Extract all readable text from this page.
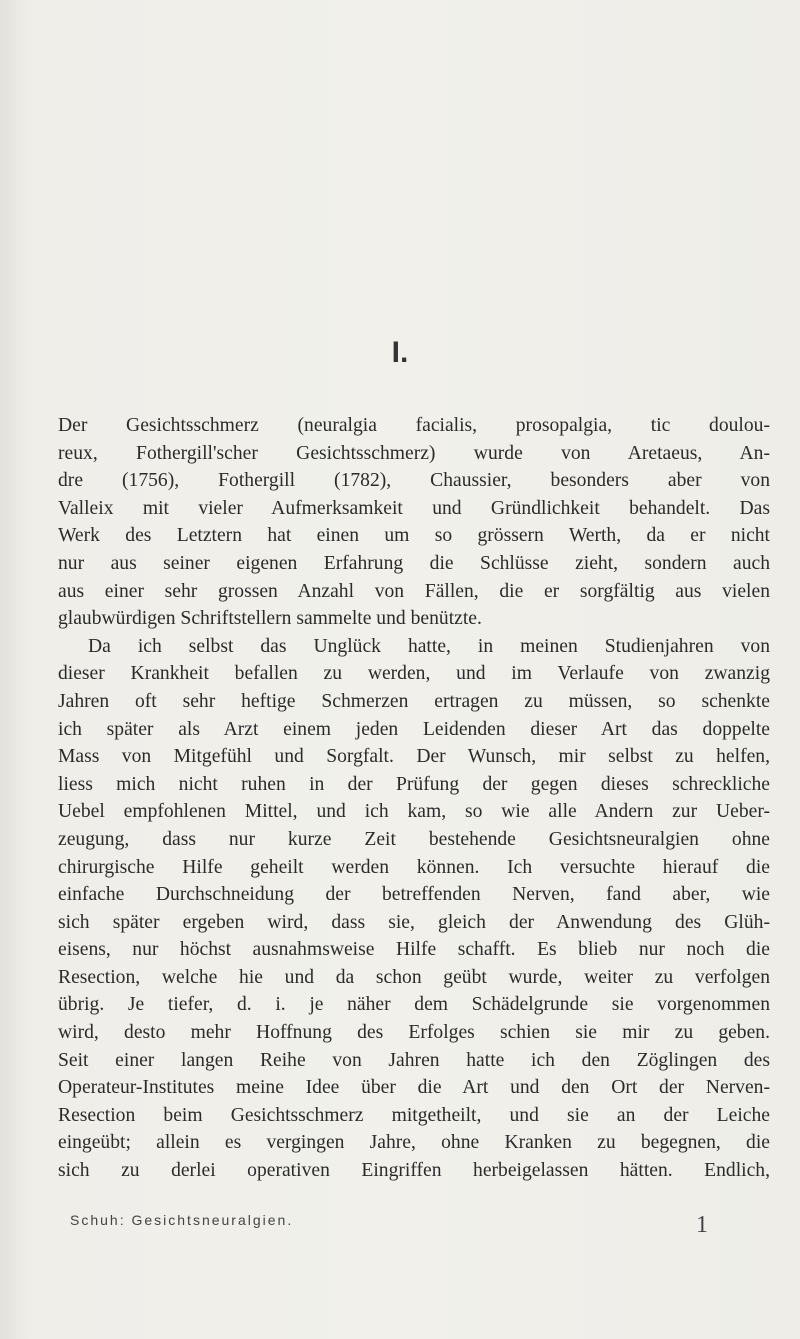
I.
Der Gesichtsschmerz (neuralgia facialis, prosopalgia, tic doulou-
reux, Fothergill'scher Gesichtsschmerz) wurde von Aretaeus, An-
dre (1756), Fothergill (1782), Chaussier, besonders aber von
Valleix mit vieler Aufmerksamkeit und Gründlichkeit behandelt. Das
Werk des Letztern hat einen um so grössern Werth, da er nicht
nur aus seiner eigenen Erfahrung die Schlüsse zieht, sondern auch
aus einer sehr grossen Anzahl von Fällen, die er sorgfältig aus vielen
glaubwürdigen Schriftstellern sammelte und benützte.
Da ich selbst das Unglück hatte, in meinen Studienjahren von
dieser Krankheit befallen zu werden, und im Verlaufe von zwanzig
Jahren oft sehr heftige Schmerzen ertragen zu müssen, so schenkte
ich später als Arzt einem jeden Leidenden dieser Art das doppelte
Mass von Mitgefühl und Sorgfalt. Der Wunsch, mir selbst zu helfen,
liess mich nicht ruhen in der Prüfung der gegen dieses schreckliche
Uebel empfohlenen Mittel, und ich kam, so wie alle Andern zur Ueber-
zeugung, dass nur kurze Zeit bestehende Gesichtsneuralgien ohne
chirurgische Hilfe geheilt werden können. Ich versuchte hierauf die
einfache Durchschneidung der betreffenden Nerven, fand aber, wie
sich später ergeben wird, dass sie, gleich der Anwendung des Glüh-
eisens, nur höchst ausnahmsweise Hilfe schafft. Es blieb nur noch die
Resection, welche hie und da schon geübt wurde, weiter zu verfolgen
übrig. Je tiefer, d. i. je näher dem Schädelgrunde sie vorgenommen
wird, desto mehr Hoffnung des Erfolges schien sie mir zu geben.
Seit einer langen Reihe von Jahren hatte ich den Zöglingen des
Operateur-Institutes meine Idee über die Art und den Ort der Nerven-
Resection beim Gesichtsschmerz mitgetheilt, und sie an der Leiche
eingeübt; allein es vergingen Jahre, ohne Kranken zu begegnen, die
sich zu derlei operativen Eingriffen herbeigelassen hätten. Endlich,
Schuh: Gesichtsneuralgien.	1
